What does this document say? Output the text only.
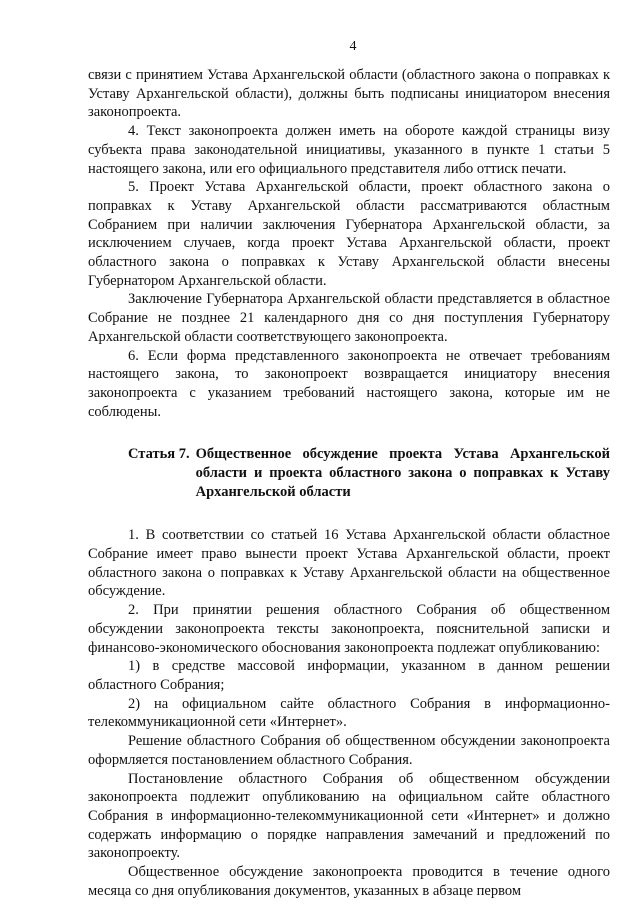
4

связи с принятием Устава Архангельской области (областного закона о поправках к Уставу Архангельской области), должны быть подписаны инициатором внесения законопроекта.

4. Текст законопроекта должен иметь на обороте каждой страницы визу субъекта права законодательной инициативы, указанного в пункте 1 статьи 5 настоящего закона, или его официального представителя либо оттиск печати.

5. Проект Устава Архангельской области, проект областного закона о поправках к Уставу Архангельской области рассматриваются областным Собранием при наличии заключения Губернатора Архангельской области, за исключением случаев, когда проект Устава Архангельской области, проект областного закона о поправках к Уставу Архангельской области внесены Губернатором Архангельской области.

Заключение Губернатора Архангельской области представляется в областное Собрание не позднее 21 календарного дня со дня поступления Губернатору Архангельской области соответствующего законопроекта.

6. Если форма представленного законопроекта не отвечает требованиям настоящего закона, то законопроект возвращается инициатору внесения законопроекта с указанием требований настоящего закона, которые им не соблюдены.

Статья 7. Общественное обсуждение проекта Устава Архангельской области и проекта областного закона о поправках к Уставу Архангельской области

1. В соответствии со статьей 16 Устава Архангельской области областное Собрание имеет право вынести проект Устава Архангельской области, проект областного закона о поправках к Уставу Архангельской области на общественное обсуждение.

2. При принятии решения областного Собрания об общественном обсуждении законопроекта тексты законопроекта, пояснительной записки и финансово-экономического обоснования законопроекта подлежат опубликованию:

1) в средстве массовой информации, указанном в данном решении областного Собрания;

2) на официальном сайте областного Собрания в информационно-телекоммуникационной сети «Интернет».

Решение областного Собрания об общественном обсуждении законопроекта оформляется постановлением областного Собрания.

Постановление областного Собрания об общественном обсуждении законопроекта подлежит опубликованию на официальном сайте областного Собрания в информационно-телекоммуникационной сети «Интернет» и должно содержать информацию о порядке направления замечаний и предложений по законопроекту.

Общественное обсуждение законопроекта проводится в течение одного месяца со дня опубликования документов, указанных в абзаце первом
